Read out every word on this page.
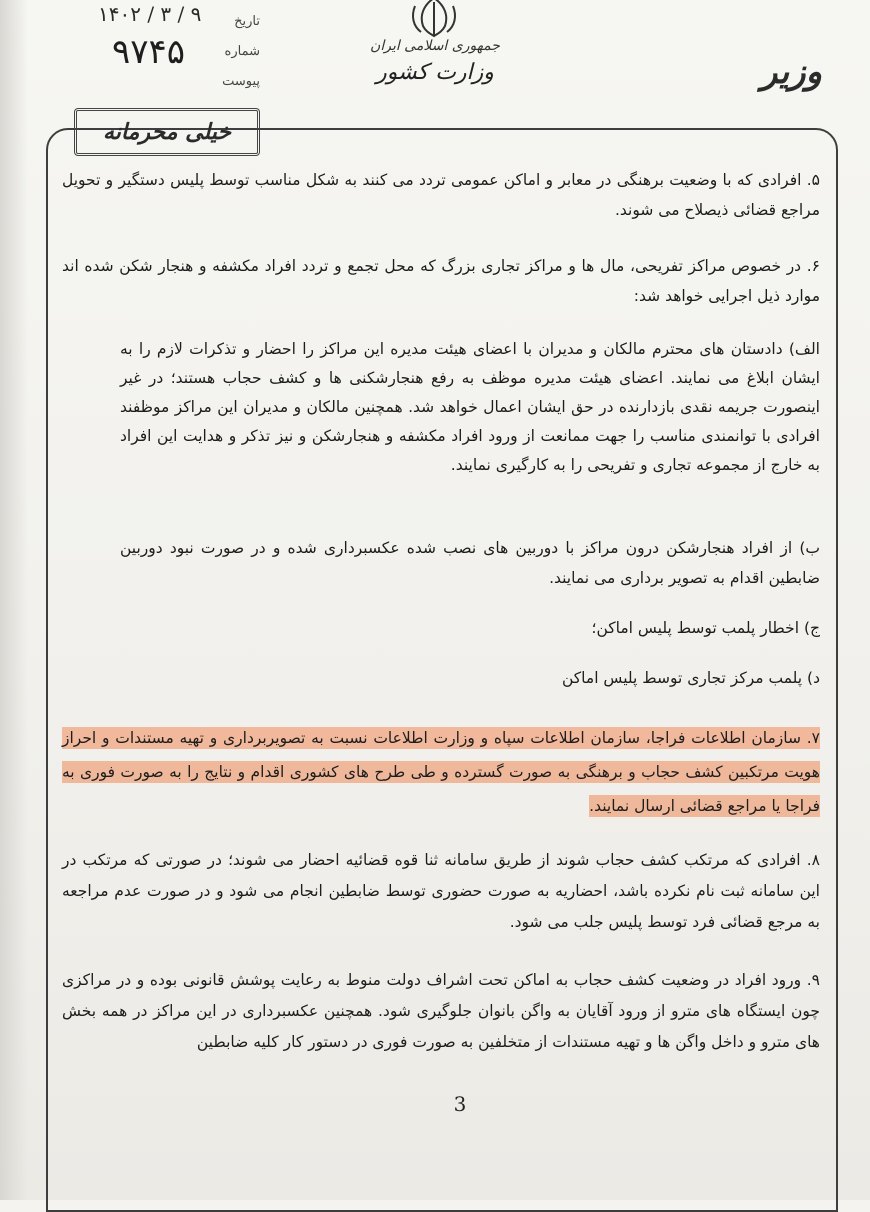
۱۴۰۲ / ۳ / ۹	تاریخ
۹۷۴۵	شماره
پیوست
جمهوری اسلامی ایران
وزارت کشور	وزیر
خیلی محرمانه

۵. افرادی که با وضعیت برهنگی در معابر و اماکن عمومی تردد می کنند به شکل مناسب توسط پلیس دستگیر و تحویل مراجع قضائی ذیصلاح می شوند.

۶. در خصوص مراکز تفریحی، مال ها و مراکز تجاری بزرگ که محل تجمع و تردد افراد مکشفه و هنجار شکن شده اند موارد ذیل اجرایی خواهد شد:

الف) دادستان های محترم مالکان و مدیران با اعضای هیئت مدیره این مراکز را احضار و تذکرات لازم را به ایشان ابلاغ می نمایند. اعضای هیئت مدیره موظف به رفع هنجارشکنی ها و کشف حجاب هستند؛ در غیر اینصورت جریمه نقدی بازدارنده در حق ایشان اعمال خواهد شد. همچنین مالکان و مدیران این مراکز موظفند افرادی با توانمندی مناسب را جهت ممانعت از ورود افراد مکشفه و هنجارشکن و نیز تذکر و هدایت این افراد به خارج از مجموعه تجاری و تفریحی را به کارگیری نمایند.

ب) از افراد هنجارشکن درون مراکز با دوربین های نصب شده عکسبرداری شده و در صورت نبود دوربین ضابطین اقدام به تصویر برداری می نمایند.

ج) اخطار پلمب توسط پلیس اماکن؛

د) پلمب مرکز تجاری توسط پلیس اماکن

۷. سازمان اطلاعات فراجا، سازمان اطلاعات سپاه و وزارت اطلاعات نسبت به تصویربرداری و تهیه مستندات و احراز هویت مرتکبین کشف حجاب و برهنگی به صورت گسترده و طی طرح های کشوری اقدام و نتایج را به صورت فوری به فراجا یا مراجع قضائی ارسال نمایند.

۸. افرادی که مرتکب کشف حجاب شوند از طریق سامانه ثنا قوه قضائیه احضار می شوند؛ در صورتی که مرتکب در این سامانه ثبت نام نکرده باشد، احضاریه به صورت حضوری توسط ضابطین انجام می شود و در صورت عدم مراجعه به مرجع قضائی فرد توسط پلیس جلب می شود.

۹. ورود افراد در وضعیت کشف حجاب به اماکن تحت اشراف دولت منوط به رعایت پوشش قانونی بوده و در مراکزی چون ایستگاه های مترو از ورود آقایان به واگن بانوان جلوگیری شود. همچنین عکسبرداری در این مراکز در همه بخش های مترو و داخل واگن ها و تهیه مستندات از متخلفین به صورت فوری در دستور کار کلیه ضابطین

3
